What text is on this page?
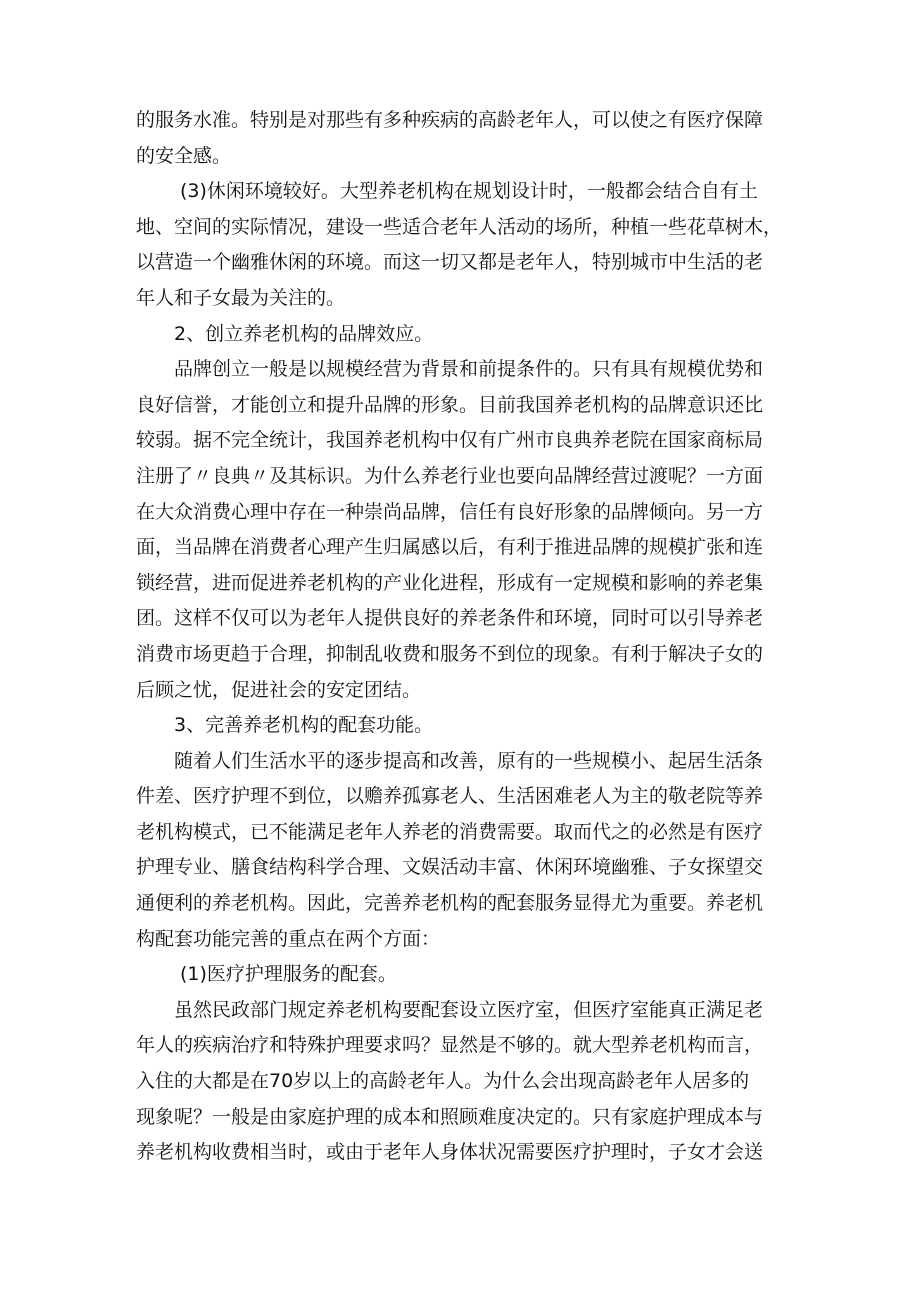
的服务水准。特别是对那些有多种疾病的高龄老年人，可以使之有医疗保障
的安全感。
(3)休闲环境较好。大型养老机构在规划设计时，一般都会结合自有土
地、空间的实际情况，建设一些适合老年人活动的场所，种植一些花草树木，
以营造一个幽雅休闲的环境。而这一切又都是老年人，特别城市中生活的老
年人和子女最为关注的。
2、创立养老机构的品牌效应。
品牌创立一般是以规模经营为背景和前提条件的。只有具有规模优势和
良好信誉，才能创立和提升品牌的形象。目前我国养老机构的品牌意识还比
较弱。据不完全统计，我国养老机构中仅有广州市良典养老院在国家商标局
注册了〃良典〃及其标识。为什么养老行业也要向品牌经营过渡呢？一方面
在大众消费心理中存在一种崇尚品牌，信任有良好形象的品牌倾向。另一方
面，当品牌在消费者心理产生归属感以后，有利于推进品牌的规模扩张和连
锁经营，进而促进养老机构的产业化进程，形成有一定规模和影响的养老集
团。这样不仅可以为老年人提供良好的养老条件和环境，同时可以引导养老
消费市场更趋于合理，抑制乱收费和服务不到位的现象。有利于解决子女的
后顾之忧，促进社会的安定团结。
3、完善养老机构的配套功能。
随着人们生活水平的逐步提高和改善，原有的一些规模小、起居生活条
件差、医疗护理不到位，以赡养孤寡老人、生活困难老人为主的敬老院等养
老机构模式，已不能满足老年人养老的消费需要。取而代之的必然是有医疗
护理专业、膳食结构科学合理、文娱活动丰富、休闲环境幽雅、子女探望交
通便利的养老机构。因此，完善养老机构的配套服务显得尤为重要。养老机
构配套功能完善的重点在两个方面：
(1)医疗护理服务的配套。
虽然民政部门规定养老机构要配套设立医疗室，但医疗室能真正满足老
年人的疾病治疗和特殊护理要求吗？显然是不够的。就大型养老机构而言，
入住的大都是在70岁以上的高龄老年人。为什么会出现高龄老年人居多的
现象呢？一般是由家庭护理的成本和照顾难度决定的。只有家庭护理成本与
养老机构收费相当时，或由于老年人身体状况需要医疗护理时，子女才会送
